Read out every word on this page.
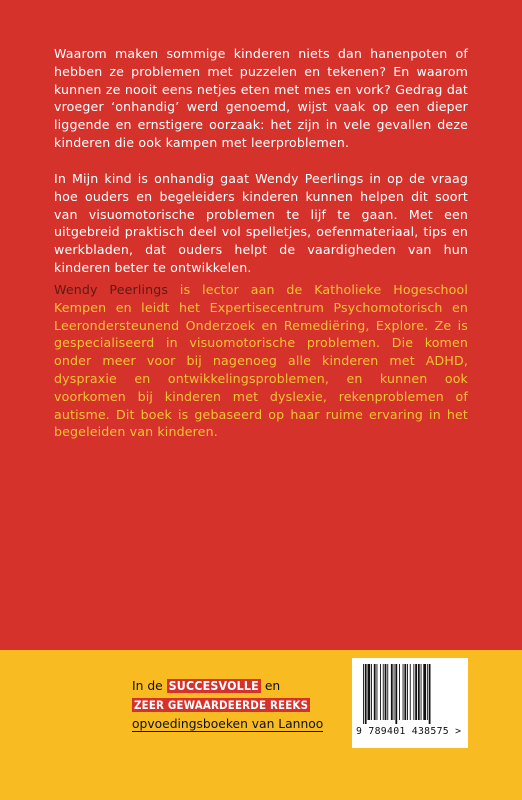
Waarom maken sommige kinderen niets dan hanenpoten of hebben ze problemen met puzzelen en tekenen? En waarom kunnen ze nooit eens netjes eten met mes en vork? Gedrag dat vroeger ‘onhandig’ werd genoemd, wijst vaak op een dieper liggende en ernstigere oorzaak: het zijn in vele gevallen deze kinderen die ook kampen met leerproblemen.

In Mijn kind is onhandig gaat Wendy Peerlings in op de vraag hoe ouders en begeleiders kinderen kunnen helpen dit soort van visuomotorische problemen te lijf te gaan. Met een uitgebreid praktisch deel vol spelletjes, oefenmateriaal, tips en werkbladen, dat ouders helpt de vaardigheden van hun kinderen beter te ontwikkelen.

Wendy Peerlings is lector aan de Katholieke Hogeschool Kempen en leidt het Expertisecentrum Psychomotorisch en Leerondersteunend Onderzoek en Remediëring, Explore. Ze is gespecialiseerd in visuomotorische problemen. Die komen onder meer voor bij nagenoeg alle kinderen met ADHD, dyspraxie en ontwikkelingsproblemen, en kunnen ook voorkomen bij kinderen met dyslexie, rekenproblemen of autisme. Dit boek is gebaseerd op haar ruime ervaring in het begeleiden van kinderen.

In de SUCCESVOLLE en
ZEER GEWAARDEERDE REEKS
opvoedingsboeken van Lannoo
9 789401 438575 >
